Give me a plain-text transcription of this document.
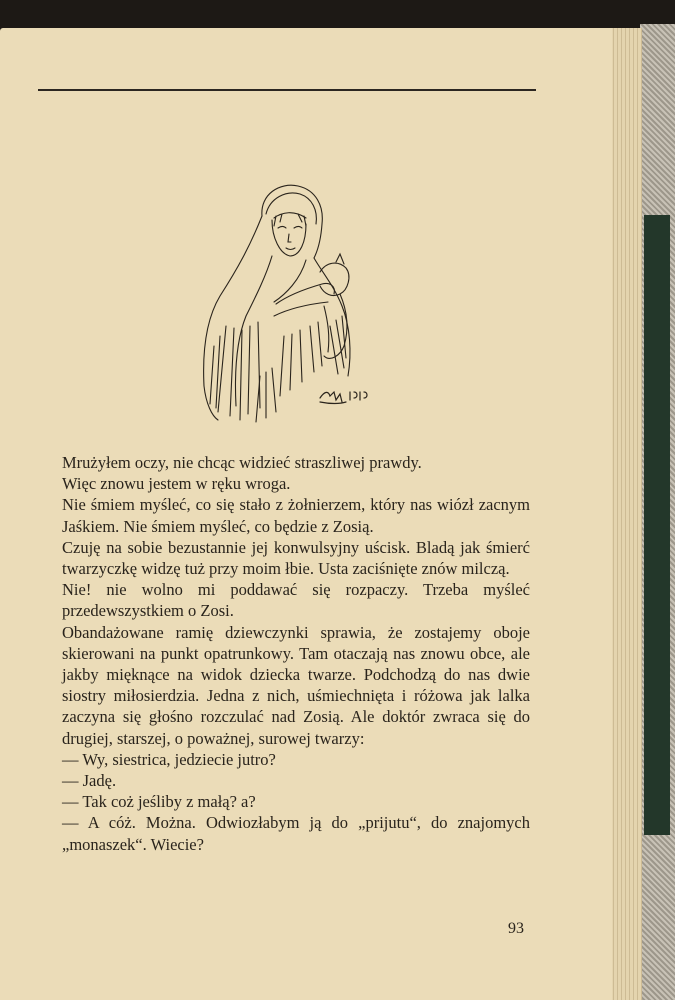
Mrużyłem oczy, nie chcąc widzieć straszliwej prawdy.

Więc znowu jestem w ręku wroga.

Nie śmiem myśleć, co się stało z żołnierzem, który nas wiózł zacnym Jaśkiem. Nie śmiem myśleć, co będzie z Zosią.

Czuję na sobie bezustannie jej konwulsyjny uścisk. Bladą jak śmierć twarzyczkę widzę tuż przy moim łbie. Usta zaciśnięte znów milczą.

Nie! nie wolno mi poddawać się rozpaczy. Trzeba myśleć przedewszystkiem o Zosi.

Obandażowane ramię dziewczynki sprawia, że zostajemy oboje skierowani na punkt opatrunkowy. Tam otaczają nas znowu obce, ale jakby mięknące na widok dziecka twarze. Podchodzą do nas dwie siostry miłosierdzia. Jedna z nich, uśmiechnięta i różowa jak lalka zaczyna się głośno rozczulać nad Zosią. Ale doktór zwraca się do drugiej, starszej, o poważnej, surowej twarzy:

— Wy, siestrica, jedziecie jutro?

— Jadę.

— Tak coż jeśliby z małą? a?

— A cóż. Można. Odwiozłabym ją do „prijutu“, do znajomych „monaszek“. Wiecie?

93
